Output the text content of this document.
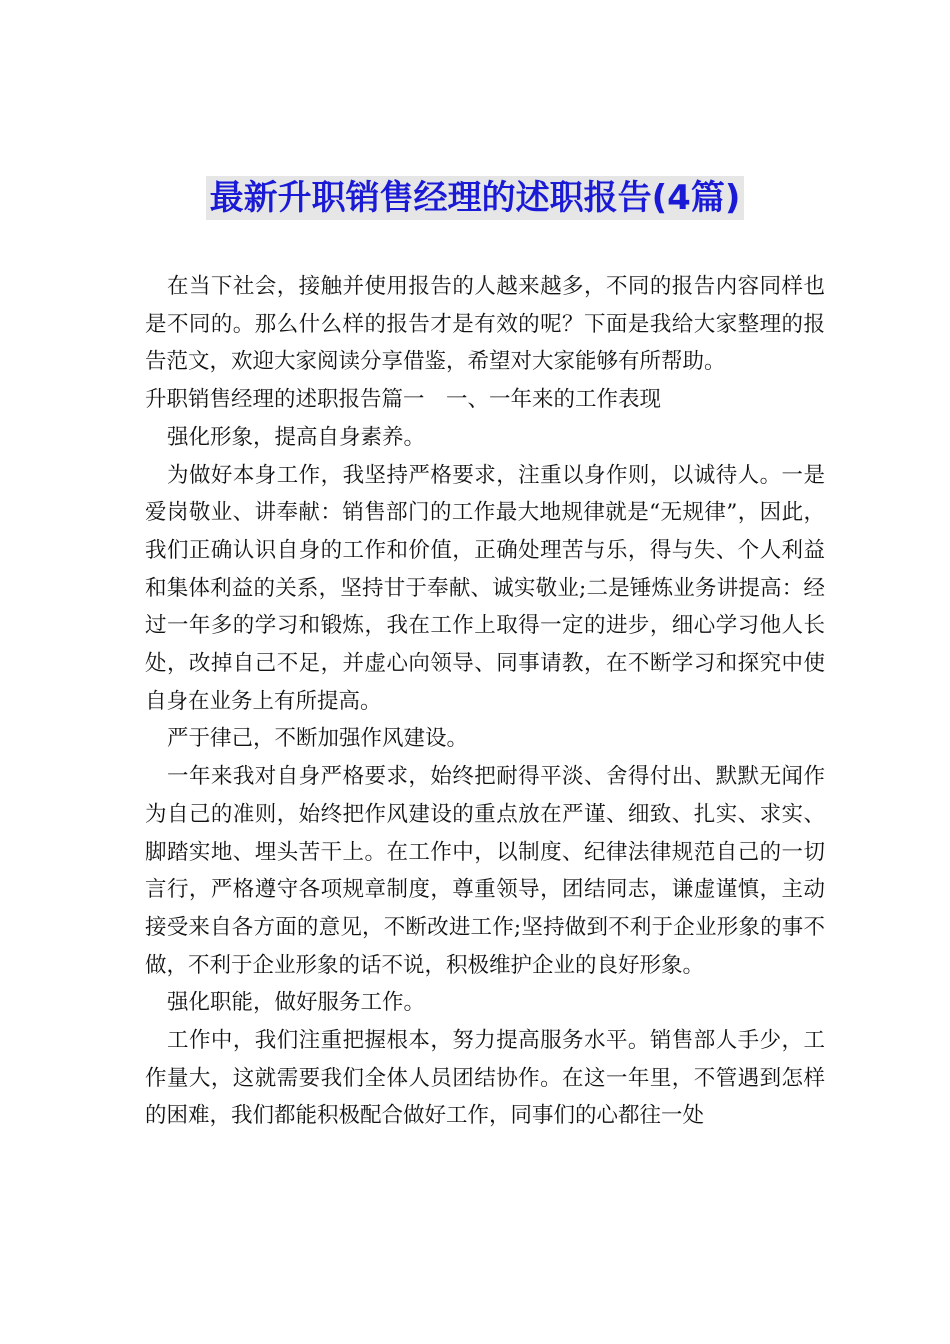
最新升职销售经理的述职报告(4篇)

在当下社会，接触并使用报告的人越来越多，不同的报告内容同样也是不同的。那么什么样的报告才是有效的呢？下面是我给大家整理的报告范文，欢迎大家阅读分享借鉴，希望对大家能够有所帮助。

升职销售经理的述职报告篇一　一、一年来的工作表现

强化形象，提高自身素养。

为做好本身工作，我坚持严格要求，注重以身作则，以诚待人。一是爱岗敬业、讲奉献：销售部门的工作最大地规律就是“无规律”，因此，我们正确认识自身的工作和价值，正确处理苦与乐，得与失、个人利益和集体利益的关系，坚持甘于奉献、诚实敬业;二是锤炼业务讲提高：经过一年多的学习和锻炼，我在工作上取得一定的进步，细心学习他人长处，改掉自己不足，并虚心向领导、同事请教，在不断学习和探究中使自身在业务上有所提高。

严于律己，不断加强作风建设。

一年来我对自身严格要求，始终把耐得平淡、舍得付出、默默无闻作为自己的准则，始终把作风建设的重点放在严谨、细致、扎实、求实、脚踏实地、埋头苦干上。在工作中，以制度、纪律法律规范自己的一切言行，严格遵守各项规章制度，尊重领导，团结同志，谦虚谨慎，主动接受来自各方面的意见，不断改进工作;坚持做到不利于企业形象的事不做，不利于企业形象的话不说，积极维护企业的良好形象。

强化职能，做好服务工作。

工作中，我们注重把握根本，努力提高服务水平。销售部人手少，工作量大，这就需要我们全体人员团结协作。在这一年里，不管遇到怎样的困难，我们都能积极配合做好工作，同事们的心都往一处
